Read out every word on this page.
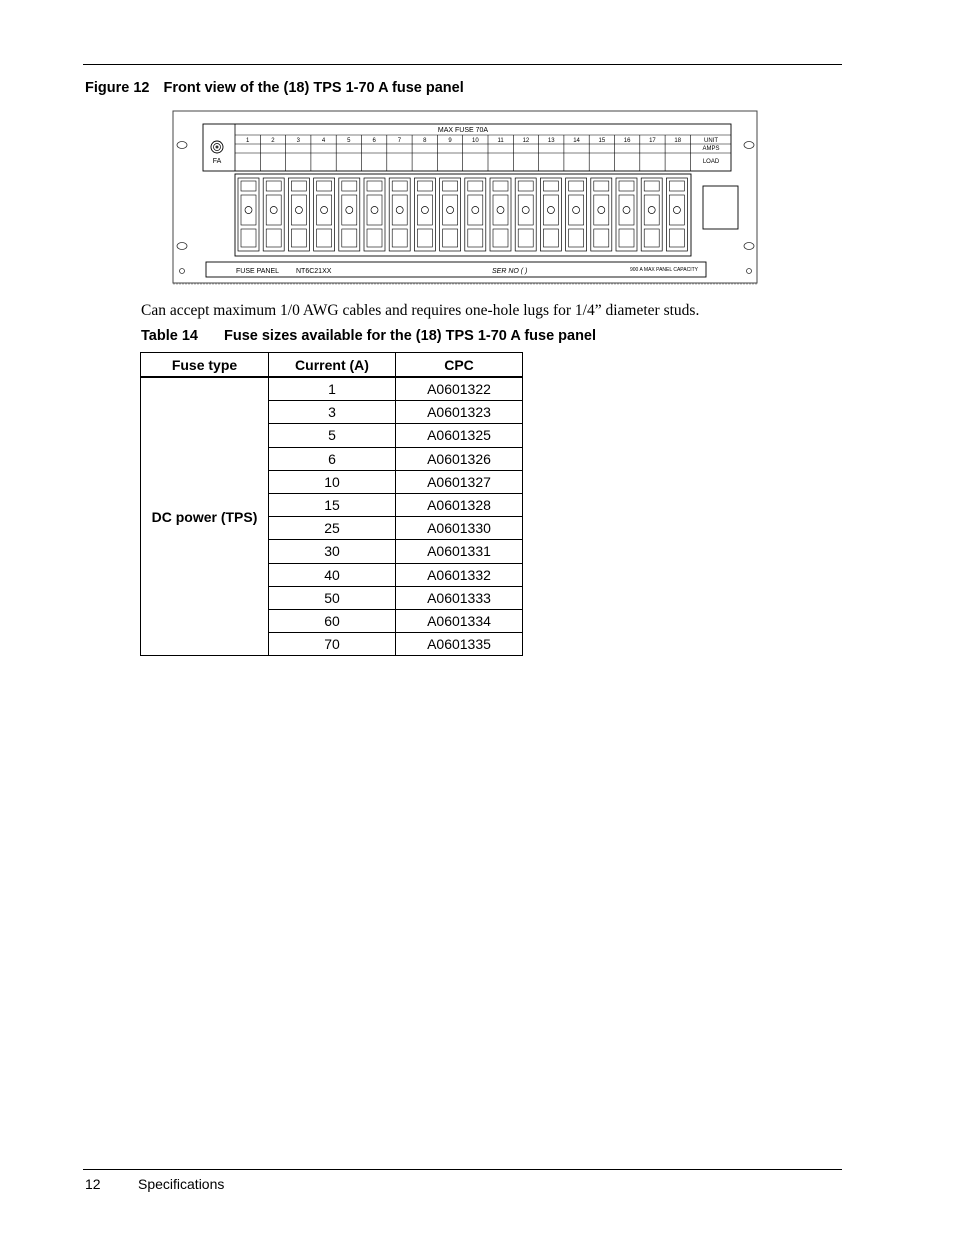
Figure 12 Front view of the (18) TPS 1-70 A fuse panel
MAX FUSE 70A
1	2	3	4	5	6	7	8	9	10	11	12	13	14	15	16	17	18	UNIT
AMPS
LOAD
FA
FUSE PANEL NT6C21XX	SER NO ( )	900 A MAX PANEL CAPACITY
Can accept maximum 1/0 AWG cables and requires one-hole lugs for 1/4” diameter studs.
Table 14 Fuse sizes available for the (18) TPS 1-70 A fuse panel
Fuse type	Current (A)	CPC
DC power (TPS)	1	A0601322
	3	A0601323
	5	A0601325
	6	A0601326
	10	A0601327
	15	A0601328
	25	A0601330
	30	A0601331
	40	A0601332
	50	A0601333
	60	A0601334
	70	A0601335
12	Specifications
